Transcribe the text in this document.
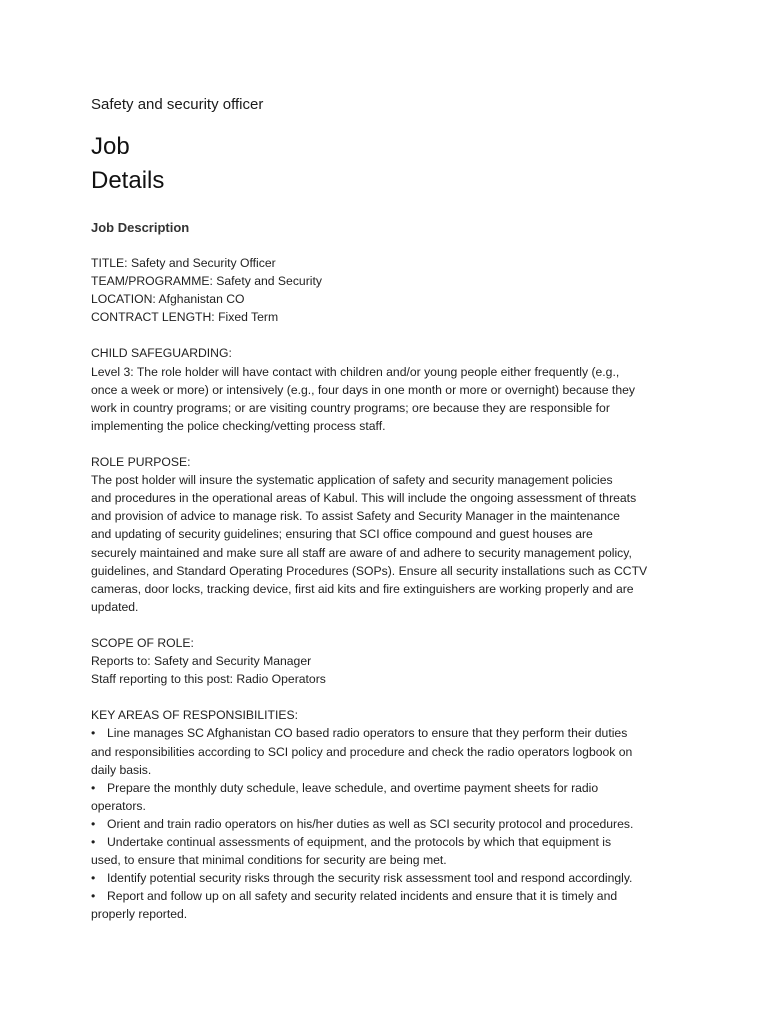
Safety and security officer
Job
Details
Job Description
TITLE: Safety and Security Officer
TEAM/PROGRAMME: Safety and Security
LOCATION: Afghanistan CO
CONTRACT LENGTH: Fixed Term
CHILD SAFEGUARDING:
Level 3: The role holder will have contact with children and/or young people either frequently (e.g.,
once a week or more) or intensively (e.g., four days in one month or more or overnight) because they
work in country programs; or are visiting country programs; ore because they are responsible for
implementing the police checking/vetting process staff.
ROLE PURPOSE:
The post holder will insure the systematic application of safety and security management policies
and procedures in the operational areas of Kabul. This will include the ongoing assessment of threats
and provision of advice to manage risk. To assist Safety and Security Manager in the maintenance
and updating of security guidelines; ensuring that SCI office compound and guest houses are
securely maintained and make sure all staff are aware of and adhere to security management policy,
guidelines, and Standard Operating Procedures (SOPs). Ensure all security installations such as CCTV
cameras, door locks, tracking device, first aid kits and fire extinguishers are working properly and are
updated.
SCOPE OF ROLE:
Reports to: Safety and Security Manager
Staff reporting to this post: Radio Operators
KEY AREAS OF RESPONSIBILITIES:
• Line manages SC Afghanistan CO based radio operators to ensure that they perform their duties
and responsibilities according to SCI policy and procedure and check the radio operators logbook on
daily basis.
• Prepare the monthly duty schedule, leave schedule, and overtime payment sheets for radio
operators.
• Orient and train radio operators on his/her duties as well as SCI security protocol and procedures.
• Undertake continual assessments of equipment, and the protocols by which that equipment is
used, to ensure that minimal conditions for security are being met.
• Identify potential security risks through the security risk assessment tool and respond accordingly.
• Report and follow up on all safety and security related incidents and ensure that it is timely and
properly reported.
